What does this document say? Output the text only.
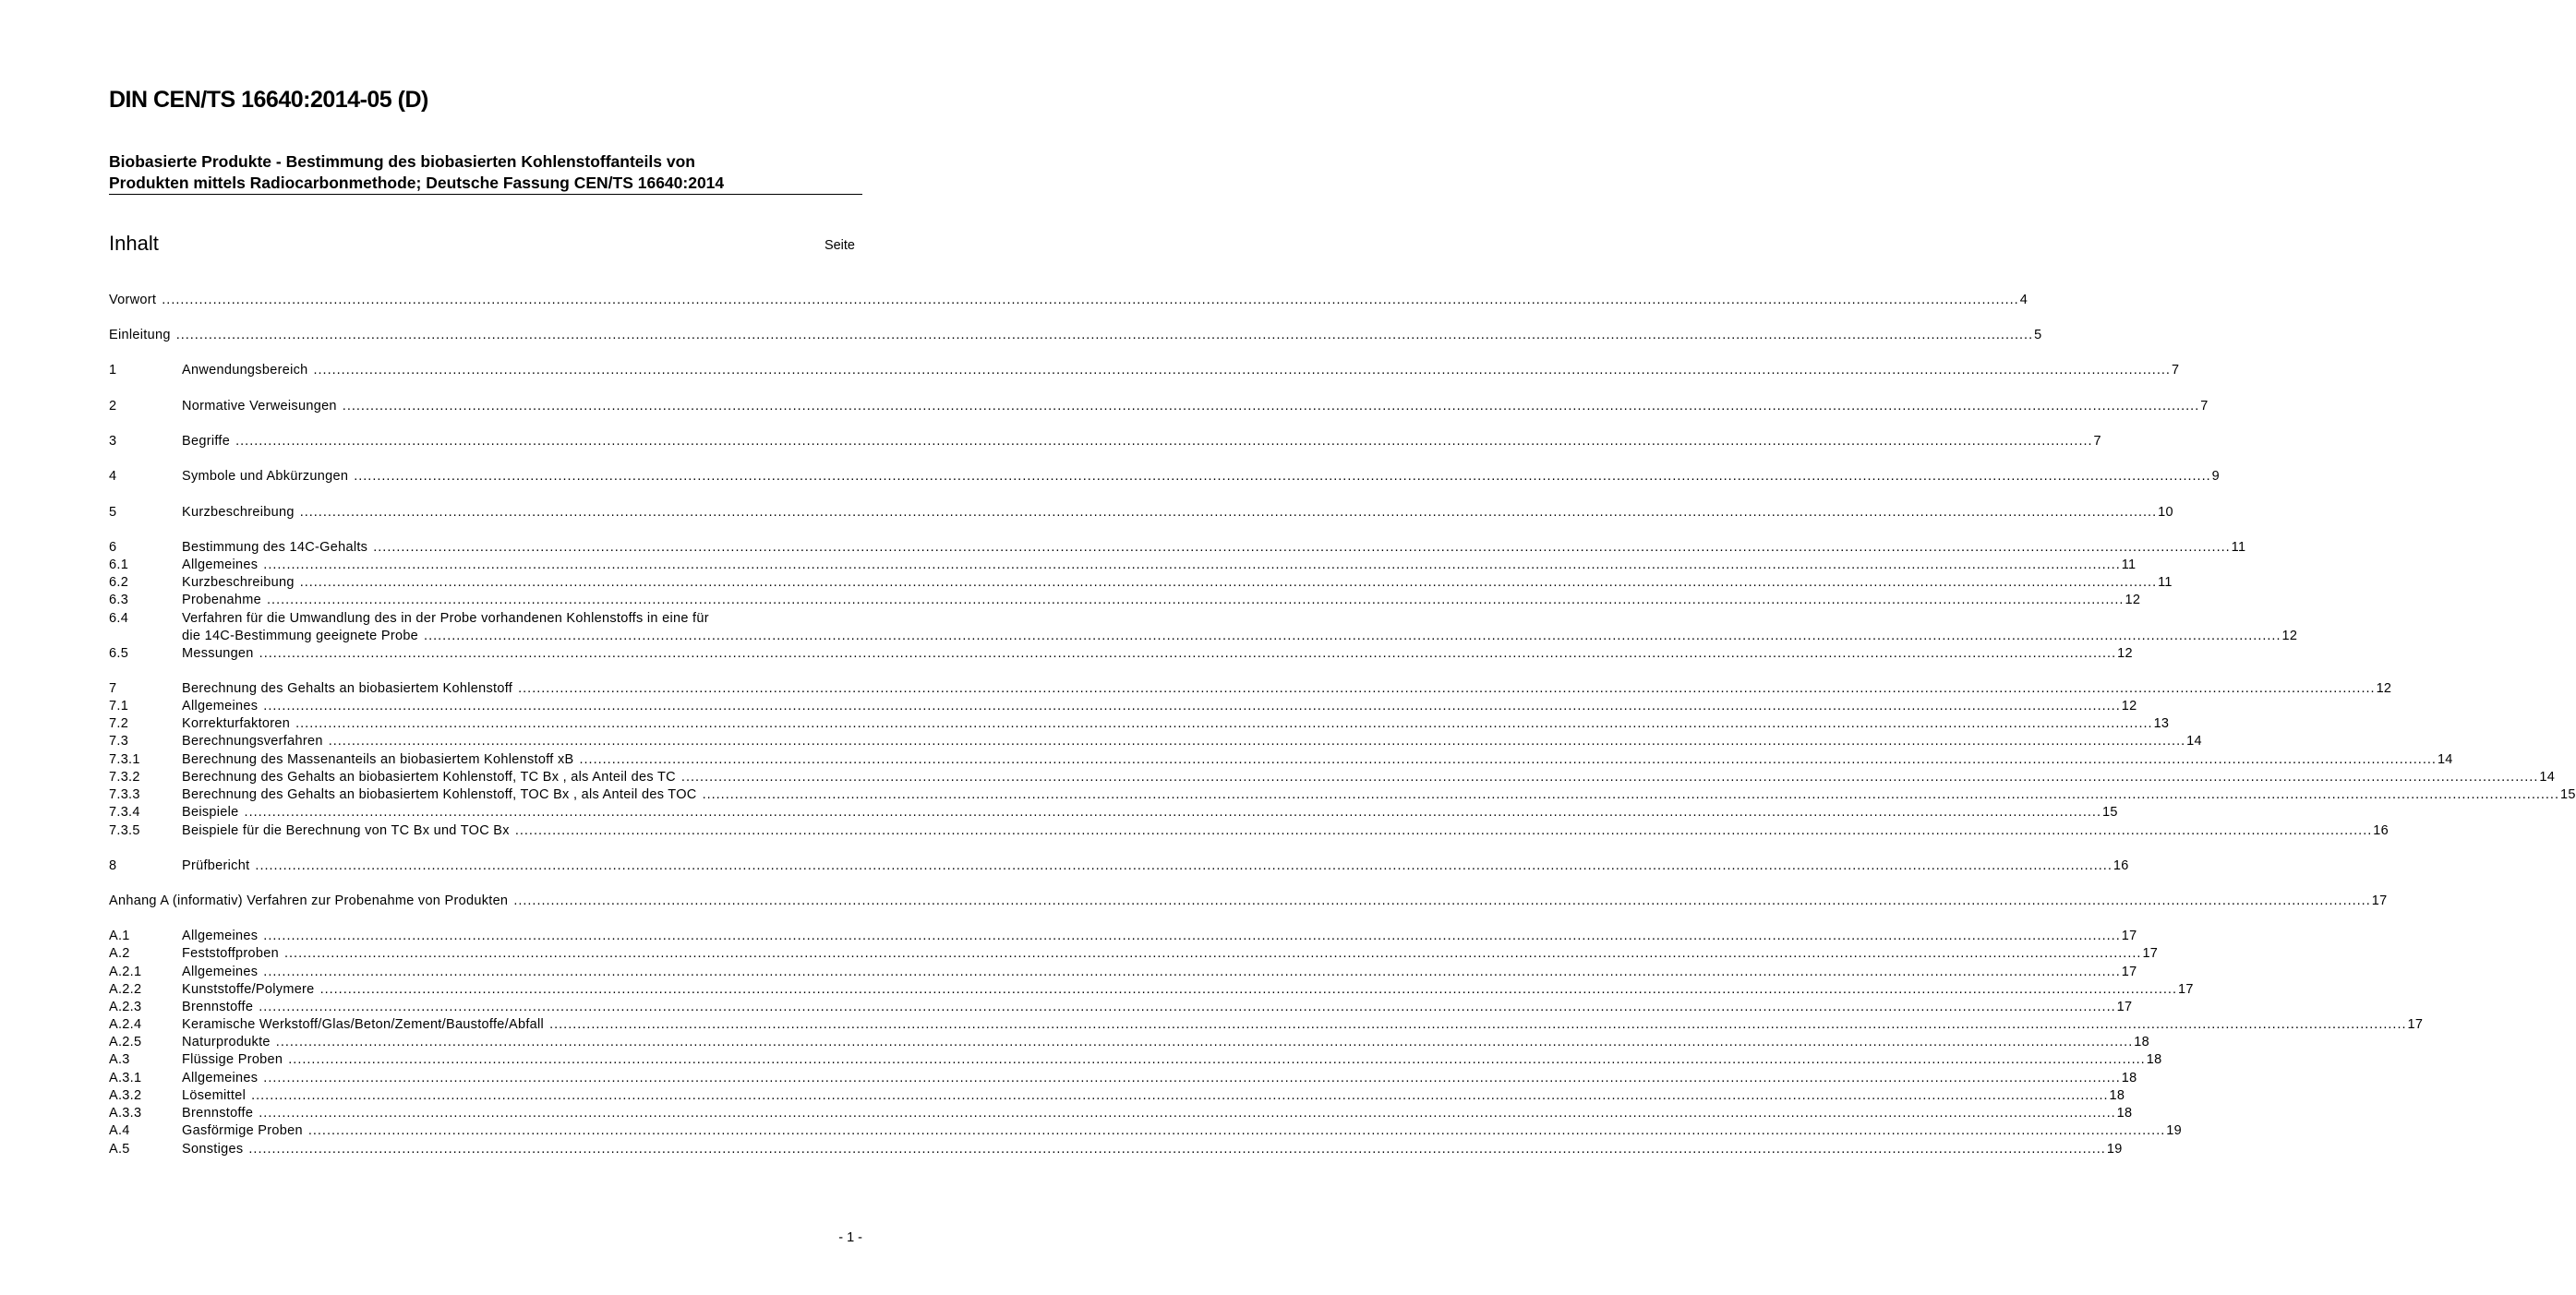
DIN CEN/TS 16640:2014-05 (D)
Biobasierte Produkte - Bestimmung des biobasierten Kohlenstoffanteils von
Produkten mittels Radiocarbonmethode; Deutsche Fassung CEN/TS 16640:2014
Inhalt	Seite
Vorwort ................................................................................................................................................................................................................................................................................................................................................................................................................ 4
Einleitung ................................................................................................................................................................................................................................................................................................................................................................................................................ 5
1	Anwendungsbereich ................................................................................................................................................................................................................................................................................................................................................................................................................ 7
2	Normative Verweisungen ................................................................................................................................................................................................................................................................................................................................................................................................................ 7
3	Begriffe ................................................................................................................................................................................................................................................................................................................................................................................................................ 7
4	Symbole und Abkürzungen ................................................................................................................................................................................................................................................................................................................................................................................................................ 9
5	Kurzbeschreibung ................................................................................................................................................................................................................................................................................................................................................................................................................ 10
6	Bestimmung des 14C-Gehalts ................................................................................................................................................................................................................................................................................................................................................................................................................ 11
6.1	Allgemeines ................................................................................................................................................................................................................................................................................................................................................................................................................ 11
6.2	Kurzbeschreibung ................................................................................................................................................................................................................................................................................................................................................................................................................ 11
6.3	Probenahme ................................................................................................................................................................................................................................................................................................................................................................................................................ 12
6.4	Verfahren für die Umwandlung des in der Probe vorhandenen Kohlenstoffs in eine für
die 14C-Bestimmung geeignete Probe ................................................................................................................................................................................................................................................................................................................................................................................................................ 12
6.5	Messungen ................................................................................................................................................................................................................................................................................................................................................................................................................ 12
7	Berechnung des Gehalts an biobasiertem Kohlenstoff ................................................................................................................................................................................................................................................................................................................................................................................................................ 12
7.1	Allgemeines ................................................................................................................................................................................................................................................................................................................................................................................................................ 12
7.2	Korrekturfaktoren ................................................................................................................................................................................................................................................................................................................................................................................................................ 13
7.3	Berechnungsverfahren ................................................................................................................................................................................................................................................................................................................................................................................................................ 14
7.3.1	Berechnung des Massenanteils an biobasiertem Kohlenstoff xB ................................................................................................................................................................................................................................................................................................................................................................................................................ 14
7.3.2	Berechnung des Gehalts an biobasiertem Kohlenstoff, TC Bx , als Anteil des TC ................................................................................................................................................................................................................................................................................................................................................................................................................ 14
7.3.3	Berechnung des Gehalts an biobasiertem Kohlenstoff, TOC Bx , als Anteil des TOC ................................................................................................................................................................................................................................................................................................................................................................................................................ 15
7.3.4	Beispiele ................................................................................................................................................................................................................................................................................................................................................................................................................ 15
7.3.5	Beispiele für die Berechnung von TC Bx und TOC Bx ................................................................................................................................................................................................................................................................................................................................................................................................................ 16
8	Prüfbericht ................................................................................................................................................................................................................................................................................................................................................................................................................ 16
Anhang A (informativ) Verfahren zur Probenahme von Produkten ................................................................................................................................................................................................................................................................................................................................................................................................................ 17
A.1	Allgemeines ................................................................................................................................................................................................................................................................................................................................................................................................................ 17
A.2	Feststoffproben ................................................................................................................................................................................................................................................................................................................................................................................................................ 17
A.2.1	Allgemeines ................................................................................................................................................................................................................................................................................................................................................................................................................ 17
A.2.2	Kunststoffe/Polymere ................................................................................................................................................................................................................................................................................................................................................................................................................ 17
A.2.3	Brennstoffe ................................................................................................................................................................................................................................................................................................................................................................................................................ 17
A.2.4	Keramische Werkstoff/Glas/Beton/Zement/Baustoffe/Abfall ................................................................................................................................................................................................................................................................................................................................................................................................................ 17
A.2.5	Naturprodukte ................................................................................................................................................................................................................................................................................................................................................................................................................ 18
A.3	Flüssige Proben ................................................................................................................................................................................................................................................................................................................................................................................................................ 18
A.3.1	Allgemeines ................................................................................................................................................................................................................................................................................................................................................................................................................ 18
A.3.2	Lösemittel ................................................................................................................................................................................................................................................................................................................................................................................................................ 18
A.3.3	Brennstoffe ................................................................................................................................................................................................................................................................................................................................................................................................................ 18
A.4	Gasförmige Proben ................................................................................................................................................................................................................................................................................................................................................................................................................ 19
A.5	Sonstiges ................................................................................................................................................................................................................................................................................................................................................................................................................ 19
- 1 -
